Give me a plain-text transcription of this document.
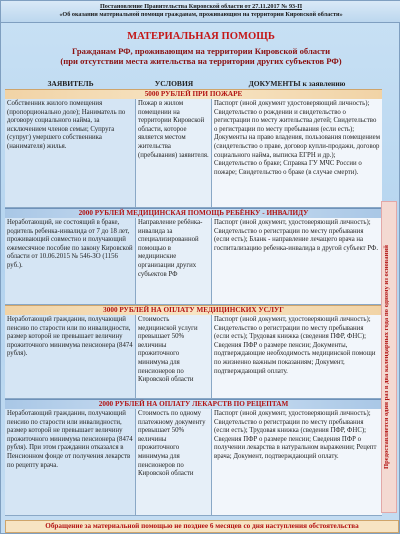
Постановление Правительства Кировской области от 27.11.2017 № 93-П
«Об оказании материальной помощи гражданам, проживающим на территории Кировской области»
МАТЕРИАЛЬНАЯ ПОМОЩЬ
Гражданам РФ, проживающим на территории Кировской области
(при отсутствии места жительства на территории других субъектов РФ)
ЗАЯВИТЕЛЬ	УСЛОВИЯ	ДОКУМЕНТЫ к заявлению
5000 РУБЛЕЙ ПРИ ПОЖАРЕ
Собственник жилого помещения (пропорционально доле); Наниматель по договору социального найма, за исключением членов семьи; Супруга (супруг) умершего собственника (нанимателя) жилья.
Пожар в жилом помещении на территории Кировской области, которое является местом жительства (пребывания) заявителя.
Паспорт (иной документ удостоверяющий личность); Свидетельство о рождении и свидетельство о регистрации по месту жительства детей; Свидетельство о регистрации по месту пребывания (если есть); Документы на право владения, пользования помещением (свидетельство о праве, договор купли-продажи, договор социального найма, выписка ЕГРН и др.); Свидетельство о браке; Справка ГУ МЧС России о пожаре; Свидетельство о браке (в случае смерти).
2000 РУБЛЕЙ МЕДИЦИНСКАЯ ПОМОЩЬ РЕБЁНКУ - ИНВАЛИДУ
Неработающий, не состоящий в браке, родитель ребенка-инвалида от 7 до 18 лет, проживающий совместно и получающий ежемесячное пособие по закону Кировской области от 10.06.2015 № 546-ЗО (1156 руб.).
Направление ребёнка-инвалида за специализированной помощью в медицинские организации других субъектов РФ
Паспорт (иной документ, удостоверяющий личность); Свидетельство о регистрации по месту пребывания (если есть); Бланк - направление лечащего врача на госпитализацию ребенка-инвалида в другой субъект РФ.
3000 РУБЛЕЙ НА ОПЛАТУ МЕДИЦИНСКИХ УСЛУГ
Неработающий гражданин, получающий пенсию по старости или по инвалидности, размер которой не превышает величину прожиточного минимума пенсионера (8474 рубля).
Стоимость медицинской услуги превышает 50% величины прожиточного минимума для пенсионеров по Кировской области
Паспорт (иной документ, удостоверяющий личность); Свидетельство о регистрации по месту пребывания (если есть); Трудовая книжка (сведения ПФР, ФНС); Сведения ПФР о размере пенсии; Документы, подтверждающие необходимость медицинской помощи по жизненно важным показаниям; Документ, подтверждающий оплату.
2000 РУБЛЕЙ НА ОПЛАТУ ЛЕКАРСТВ ПО РЕЦЕПТАМ
Неработающий гражданин, получающий пенсию по старости или инвалидности, размер которой не превышает величину прожиточного минимума пенсионера (8474 рубля). При этом гражданин отказался в Пенсионном фонде от получения лекарств по рецепту врача.
Стоимость по одному платежному документу превышает 50% величины прожиточного минимума для пенсионеров по Кировской области
Паспорт (иной документ, удостоверяющий личность); Свидетельство о регистрации по месту пребывания (если есть); Трудовая книжка (сведения ПФР, ФНС); Сведения ПФР о размере пенсии; Сведения ПФР о получении лекарства в натуральном выражении; Рецепт врача; Документ, подтверждающий оплату.	Предоставляется один раз в два календарных года по одному из оснований
Обращение за материальной помощью не позднее 6 месяцев со дня наступления обстоятельства
